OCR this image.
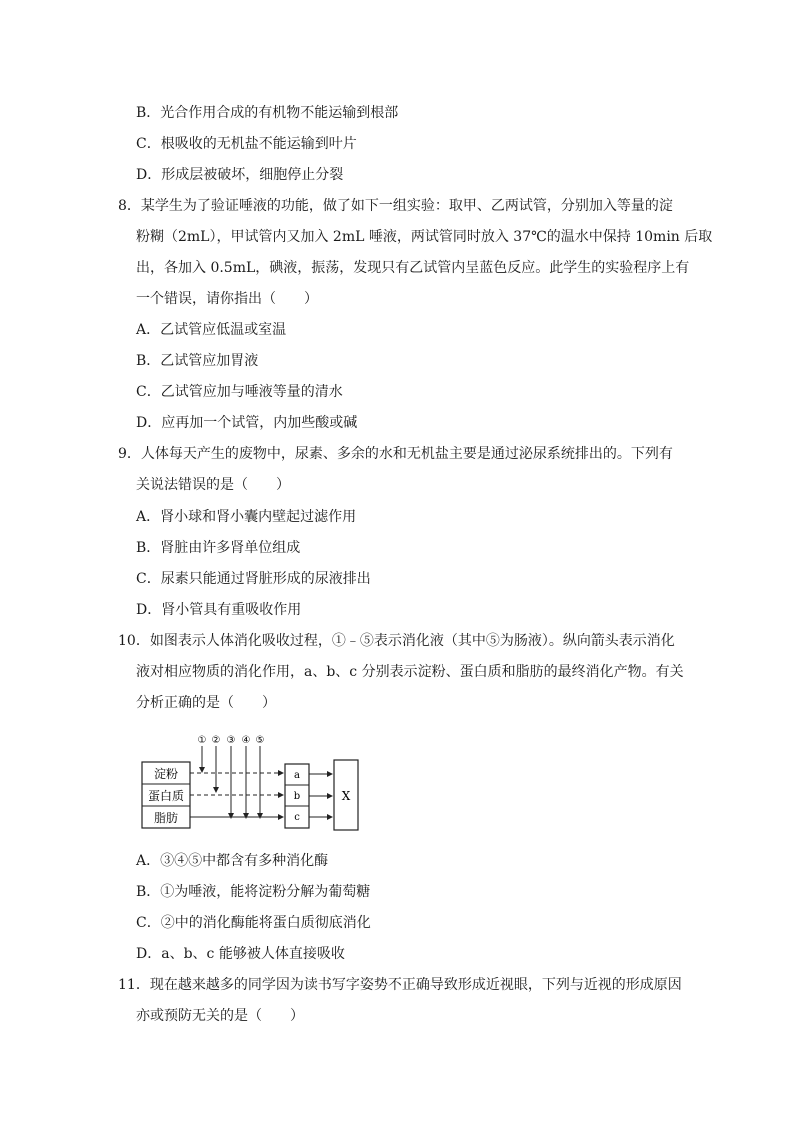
B．光合作用合成的有机物不能运输到根部
C．根吸收的无机盐不能运输到叶片
D．形成层被破坏，细胞停止分裂
8．某学生为了验证唾液的功能，做了如下一组实验：取甲、乙两试管，分别加入等量的淀
粉糊（2mL），甲试管内又加入 2mL 唾液，两试管同时放入 37℃的温水中保持 10min 后取
出，各加入 0.5mL，碘液，振荡，发现只有乙试管内呈蓝色反应。此学生的实验程序上有
一个错误，请你指出（　　）
A．乙试管应低温或室温
B．乙试管应加胃液
C．乙试管应加与唾液等量的清水
D．应再加一个试管，内加些酸或碱
9．人体每天产生的废物中，尿素、多余的水和无机盐主要是通过泌尿系统排出的。下列有
关说法错误的是（　　）
A．肾小球和肾小囊内壁起过滤作用
B．肾脏由许多肾单位组成
C．尿素只能通过肾脏形成的尿液排出
D．肾小管具有重吸收作用
10．如图表示人体消化吸收过程，①﹣⑤表示消化液（其中⑤为肠液）。纵向箭头表示消化
液对相应物质的消化作用，a、b、c 分别表示淀粉、蛋白质和脂肪的最终消化产物。有关
分析正确的是（　　）
淀粉
蛋白质
脂肪
① ② ③ ④ ⑤
a
b
c
X
A．③④⑤中都含有多种消化酶
B．①为唾液，能将淀粉分解为葡萄糖
C．②中的消化酶能将蛋白质彻底消化
D．a、b、c 能够被人体直接吸收
11．现在越来越多的同学因为读书写字姿势不正确导致形成近视眼，下列与近视的形成原因
亦或预防无关的是（　　）
